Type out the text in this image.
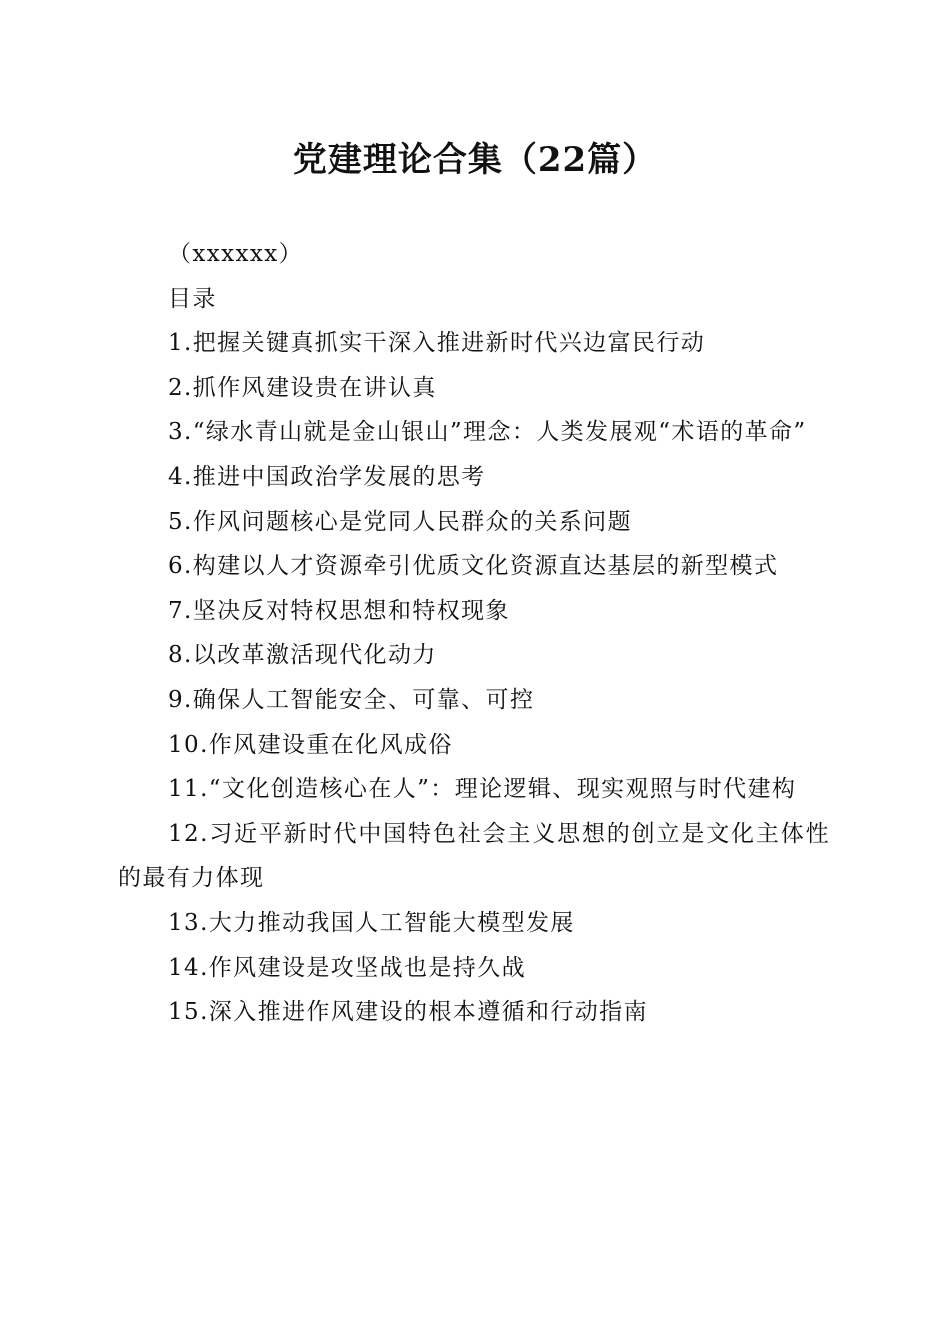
党建理论合集（22篇）

（xxxxxx）

目录

1.把握关键真抓实干深入推进新时代兴边富民行动

2.抓作风建设贵在讲认真

3.“绿水青山就是金山银山”理念：人类发展观“术语的革命”

4.推进中国政治学发展的思考

5.作风问题核心是党同人民群众的关系问题

6.构建以人才资源牵引优质文化资源直达基层的新型模式

7.坚决反对特权思想和特权现象

8.以改革激活现代化动力

9.确保人工智能安全、可靠、可控

10.作风建设重在化风成俗

11.“文化创造核心在人”：理论逻辑、现实观照与时代建构

12.习近平新时代中国特色社会主义思想的创立是文化主体性的最有力体现

13.大力推动我国人工智能大模型发展

14.作风建设是攻坚战也是持久战

15.深入推进作风建设的根本遵循和行动指南
